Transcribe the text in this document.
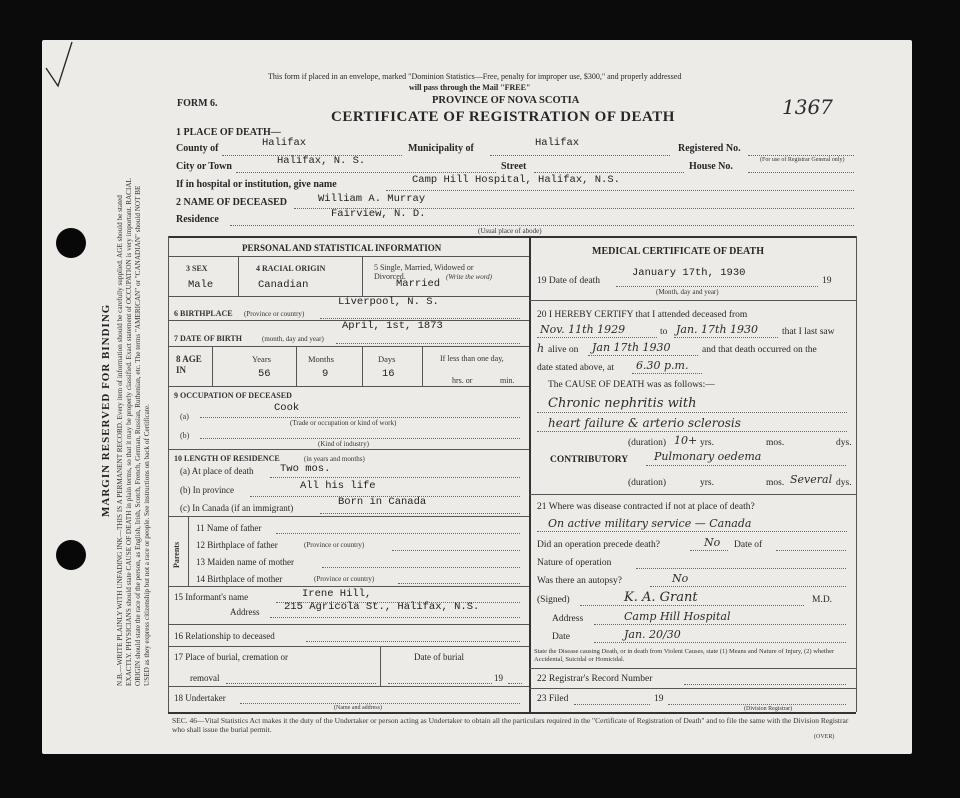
MARGIN RESERVED FOR BINDING N.B.—WRITE PLAINLY WITH UNFADING INK—THIS IS A PERMANENT RECORD. Every item of information should be carefully supplied. AGE should be stated EXACTLY. PHYSICIANS should state CAUSE OF DEATH in plain terms, so that it may be properly classified. Exact statement of OCCUPATION is very important. RACIAL ORIGIN should state the race of the person, as English, Irish, Scotch, French, German, Russian, Ruthenian, etc. The terms "AMERICAN" or "CANADIAN" should NOT BE USED as they express citizenship but not a race or people. See instructions on back of Certificate.
This form if placed in an envelope, marked "Dominion Statistics—Free, penalty for improper use, $300," and properly addressed
will pass through the Mail "FREE"
PROVINCE OF NOVA SCOTIA
FORM 6.
CERTIFICATE OF REGISTRATION OF DEATH	1367
1 PLACE OF DEATH—
County of	Halifax	Municipality of	Halifax	Registered No.
(For use of Registrar General only)
City or Town	Halifax, N. S.	Street	House No.
If in hospital or institution, give name	Camp Hill Hospital, Halifax, N.S.
2 NAME OF DECEASED	William A. Murray
Residence	Fairview, N. D.
(Usual place of abode)
PERSONAL AND STATISTICAL INFORMATION
3 SEX
Male
4 RACIAL ORIGIN
Canadian
5 Single, Married, Widowed or
Divorced.
Married
(Write the word)
Liverpool, N. S.
6 BIRTHPLACE (Province or country)
April, 1st, 1873
7 DATE OF BIRTH	(month, day and year)
8 AGE IN
Years
56
Months
9
Days
16
If less than one day,
hrs. or	min.
9 OCCUPATION OF DECEASED
Cook
(a)
(Trade or occupation or kind of work)
(b)
(Kind of industry)
10 LENGTH OF RESIDENCE	(in years and months)
(a) At place of death	Two mos.
(b) In province	All his life
(c) In Canada (if an immigrant)	Born in Canada
Parents
11 Name of father
12 Birthplace of father	(Province or country)
13 Maiden name of mother
14 Birthplace of mother	(Province or country)
15 Informant's name	Irene Hill,
Address 215 Agricola St., Halifax, N.S.
16 Relationship to deceased
17 Place of burial, cremation or
removal
Date of burial
19
18 Undertaker
(Name and address)
MEDICAL CERTIFICATE OF DEATH
19 Date of death
January 17th, 1930
19
(Month, day and year)
20 I HEREBY CERTIFY that I attended deceased from
Nov. 11th 1929	to Jan. 17th 1930	that I last saw
h alive on Jan 17th 1930	and that death occurred on the
date stated above, at 6.30 p.m.
The CAUSE OF DEATH was as follows:—
Chronic nephritis with
heart failure & arterio sclerosis
(duration) 10+ yrs.	mos.	dys.
CONTRIBUTORY Pulmonary oedema
(duration)	yrs.	mos. Several dys.
21 Where was disease contracted if not at place of death?
On active military service — Canada
Did an operation precede death?	No Date of
Nature of operation
Was there an autopsy?	No
(Signed)	K. A. Grant	M.D.
Address	Camp Hill Hospital
Date	Jan. 20/30
State the Disease causing Death, or in death from Violent Causes, state (1) Means and Nature of Injury, (2) whether Accidental, Suicidal or Homicidal.
22 Registrar's Record Number
23 Filed	19
(Division Registrar)
SEC. 46—Vital Statistics Act makes it the duty of the Undertaker or person acting as Undertaker to obtain all the particulars required in the "Certificate of Registration of Death" and to file the same with the Division Registrar who shall issue the burial permit.
(OVER)
